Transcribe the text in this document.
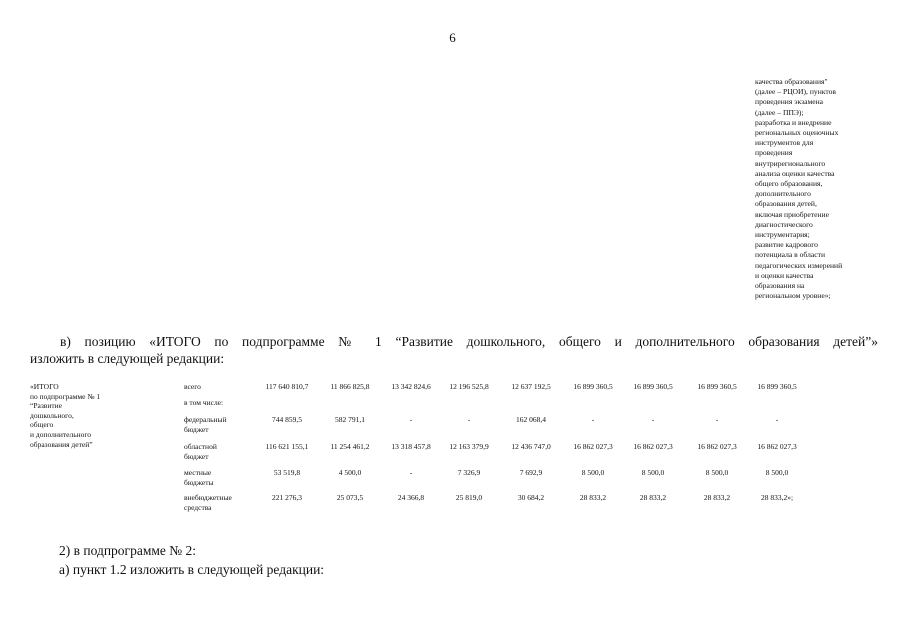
6
качества образования"
(далее – РЦОИ), пунктов
проведения экзамена
(далее – ППЭ);
разработка и внедрение
региональных оценочных
инструментов для
проведения
внутрирегионального
анализа оценки качества
общего образования,
дополнительного
образования детей,
включая приобретение
диагностического
инструментария;
развитие кадрового
потенциала в области
педагогических измерений
и оценки качества
образования на
региональном уровне»;
в) позицию «ИТОГО по подпрограмме № 1 “Развитие дошкольного, общего и дополнительного образования детей”»
изложить в следующей редакции:
«ИТОГО
по подпрограмме № 1
“Развитие
дошкольного,
общего
и дополнительного
образования детей”
всего	117 640 810,7	11 866 825,8	13 342 824,6	12 196 525,8	12 637 192,5	16 899 360,5	16 899 360,5	16 899 360,5	16 899 360,5
в том числе:
федеральный
бюджет
744 859,5	582 791,1	-	-	162 068,4	-	-	-	-
областной
бюджет
116 621 155,1	11 254 461,2	13 318 457,8	12 163 379,9	12 436 747,0	16 862 027,3	16 862 027,3	16 862 027,3	16 862 027,3
местные
бюджеты
53 519,8	4 500,0	-	7 326,9	7 692,9	8 500,0	8 500,0	8 500,0	8 500,0
внебюджетные
средства
221 276,3	25 073,5	24 366,8	25 819,0	30 684,2	28 833,2	28 833,2	28 833,2	28 833,2»;
2) в подпрограмме № 2:
а) пункт 1.2 изложить в следующей редакции:
